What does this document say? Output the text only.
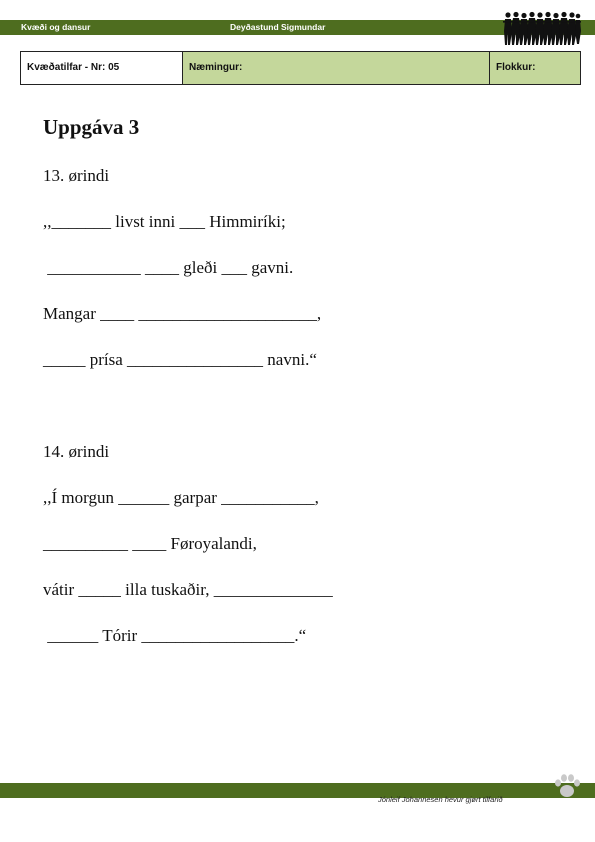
Kvæði og dansur	Deyðastund Sigmundar
Kvæðatilfar - Nr: 05	Næmingur:	Flokkur:
Uppgáva 3
13. ørindi
,,_______ livst inni ___ Himmiríki;
___________ ____ gleði ___ gavni.
Mangar ____ _____________________,
_____ prísa ________________ navni.“
14. ørindi
,,Í morgun ______ garpar ___________,
__________ ____ Føroyalandi,
vátir _____ illa tuskaðir, ______________
______ Tórir __________________.“
Jónleif Johannesen hevur gjørt tilfarið
